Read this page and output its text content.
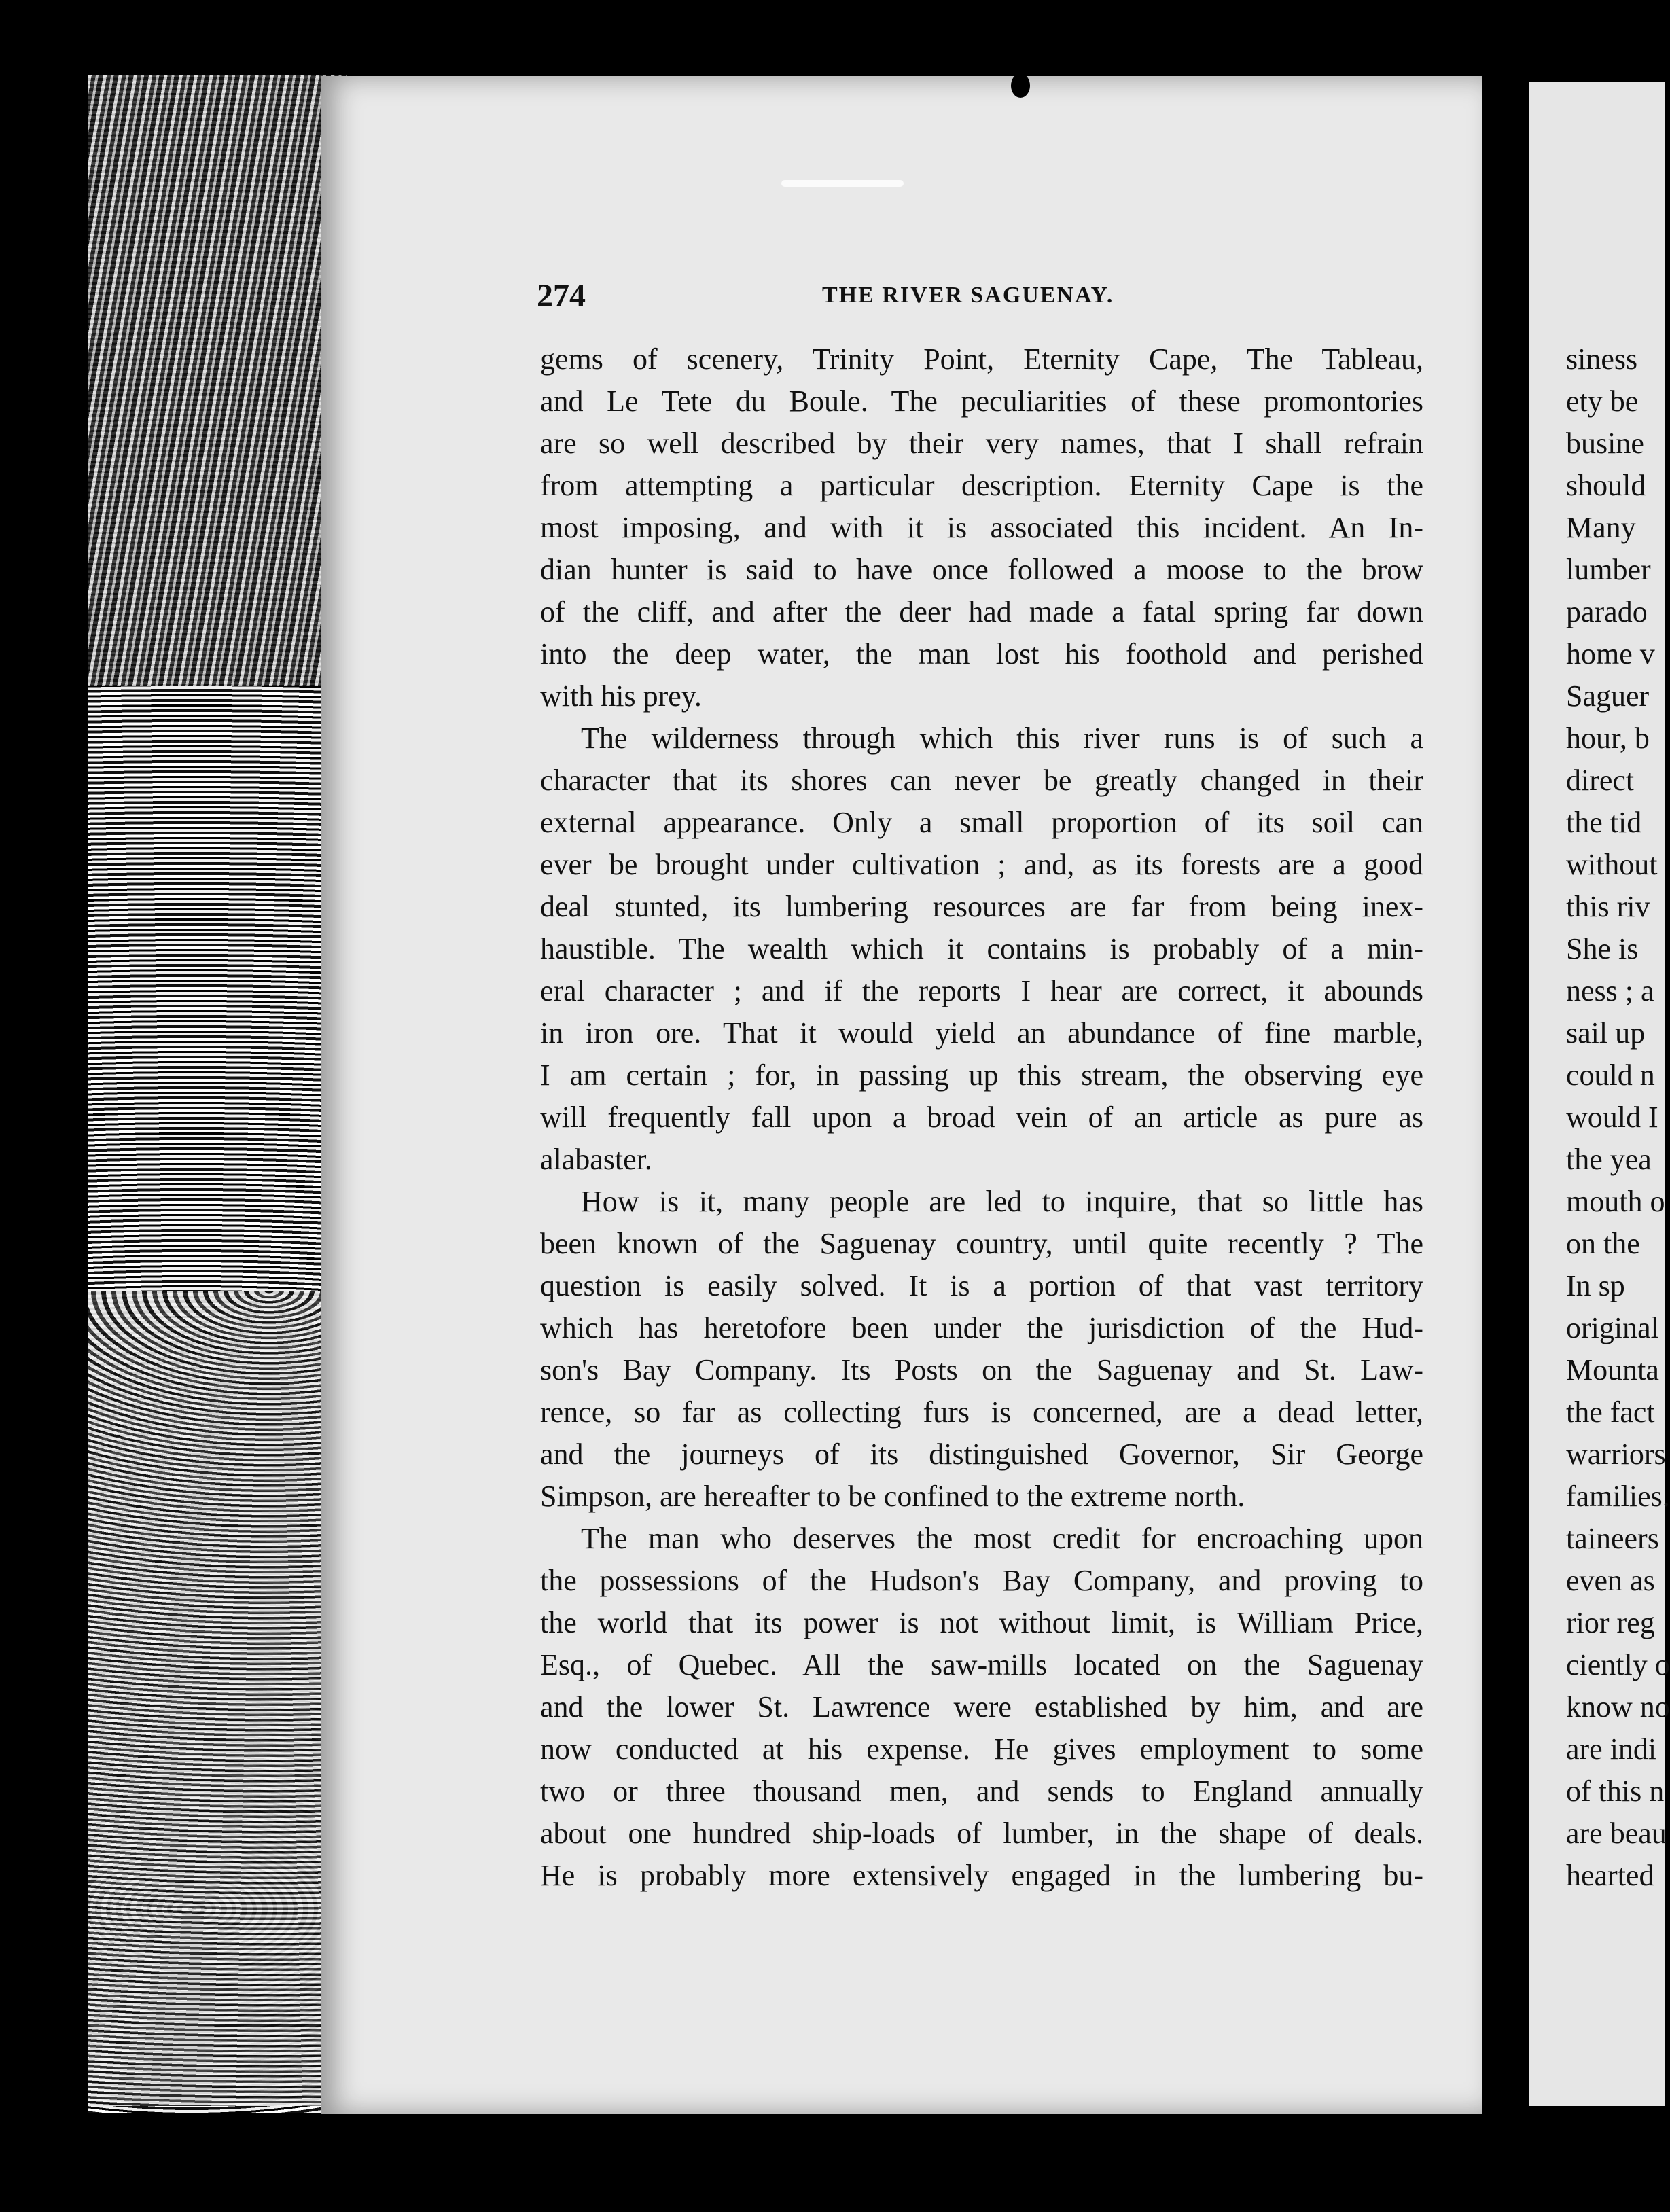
274	THE RIVER SAGUENAY.
gems of scenery, Trinity Point, Eternity Cape, The Tableau,
and Le Tete du Boule. The peculiarities of these promontories
are so well described by their very names, that I shall refrain
from attempting a particular description. Eternity Cape is the
most imposing, and with it is associated this incident. An In-
dian hunter is said to have once followed a moose to the brow
of the cliff, and after the deer had made a fatal spring far down
into the deep water, the man lost his foothold and perished
with his prey.
The wilderness through which this river runs is of such a
character that its shores can never be greatly changed in their
external appearance. Only a small proportion of its soil can
ever be brought under cultivation ; and, as its forests are a good
deal stunted, its lumbering resources are far from being inex-
haustible. The wealth which it contains is probably of a min-
eral character ; and if the reports I hear are correct, it abounds
in iron ore. That it would yield an abundance of fine marble,
I am certain ; for, in passing up this stream, the observing eye
will frequently fall upon a broad vein of an article as pure as
alabaster.
How is it, many people are led to inquire, that so little has
been known of the Saguenay country, until quite recently ? The
question is easily solved. It is a portion of that vast territory
which has heretofore been under the jurisdiction of the Hud-
son's Bay Company. Its Posts on the Saguenay and St. Law-
rence, so far as collecting furs is concerned, are a dead letter,
and the journeys of its distinguished Governor, Sir George
Simpson, are hereafter to be confined to the extreme north.
The man who deserves the most credit for encroaching upon
the possessions of the Hudson's Bay Company, and proving to
the world that its power is not without limit, is William Price,
Esq., of Quebec. All the saw-mills located on the Saguenay
and the lower St. Lawrence were established by him, and are
now conducted at his expense. He gives employment to some
two or three thousand men, and sends to England annually
about one hundred ship-loads of lumber, in the shape of deals.
He is probably more extensively engaged in the lumbering bu-
siness
ety be
busine
should
Many
lumber
parado
home v
Saguer
hour, b
direct
the tid
without
this riv
She is
ness ; a
sail up
could n
would I
the yea
mouth o
on the
In sp
original
Mounta
the fact
warriors
families.
taineers
even as
rior reg
ciently o
know no
are indi
of this n
are beau
hearted
